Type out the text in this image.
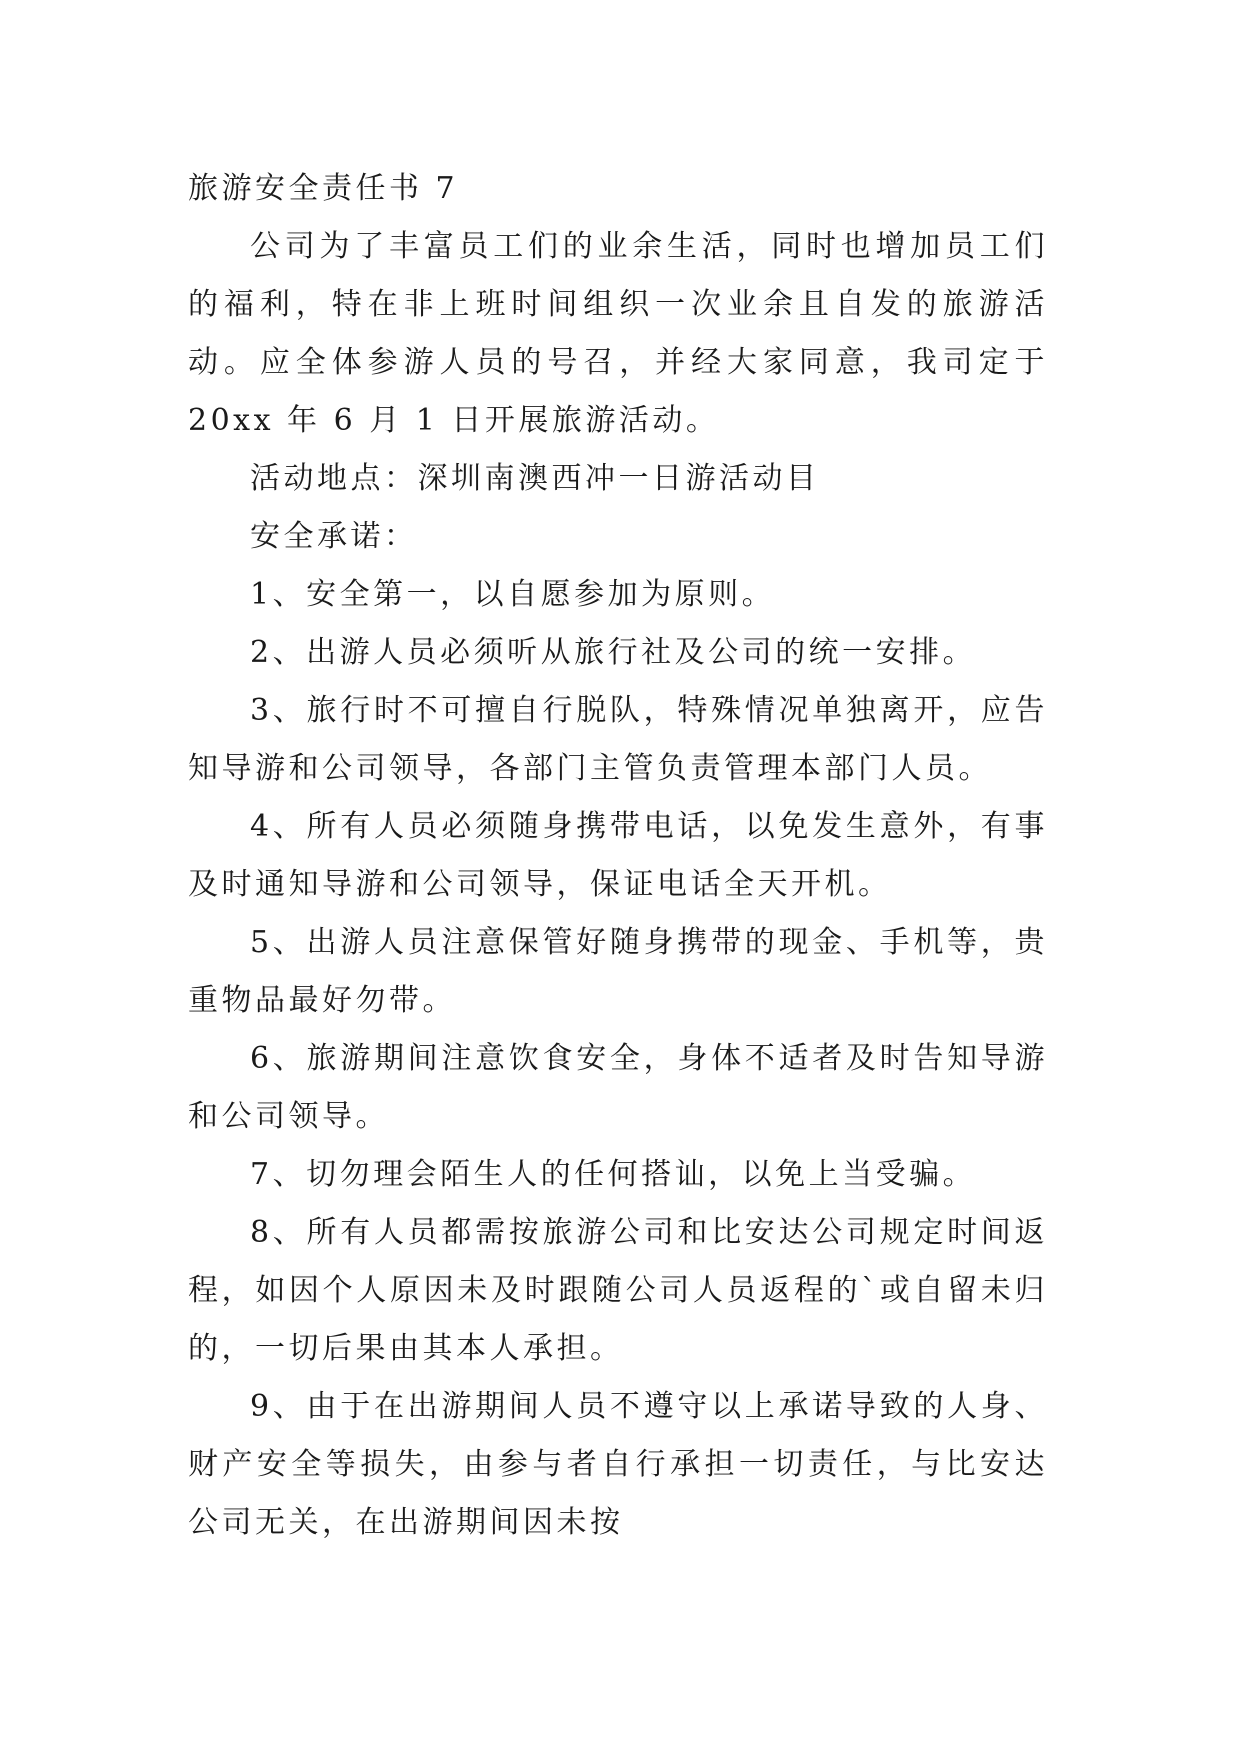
旅游安全责任书 7

公司为了丰富员工们的业余生活，同时也增加员工们的福利，特在非上班时间组织一次业余且自发的旅游活动。应全体参游人员的号召，并经大家同意，我司定于 20xx 年 6 月 1 日开展旅游活动。

活动地点：深圳南澳西冲一日游活动目

安全承诺：

1、安全第一，以自愿参加为原则。

2、出游人员必须听从旅行社及公司的统一安排。

3、旅行时不可擅自行脱队，特殊情况单独离开，应告知导游和公司领导，各部门主管负责管理本部门人员。

4、所有人员必须随身携带电话，以免发生意外，有事及时通知导游和公司领导，保证电话全天开机。

5、出游人员注意保管好随身携带的现金、手机等，贵重物品最好勿带。

6、旅游期间注意饮食安全，身体不适者及时告知导游和公司领导。

7、切勿理会陌生人的任何搭讪，以免上当受骗。

8、所有人员都需按旅游公司和比安达公司规定时间返程，如因个人原因未及时跟随公司人员返程的`或自留未归的，一切后果由其本人承担。

9、由于在出游期间人员不遵守以上承诺导致的人身、财产安全等损失，由参与者自行承担一切责任，与比安达公司无关，在出游期间因未按
